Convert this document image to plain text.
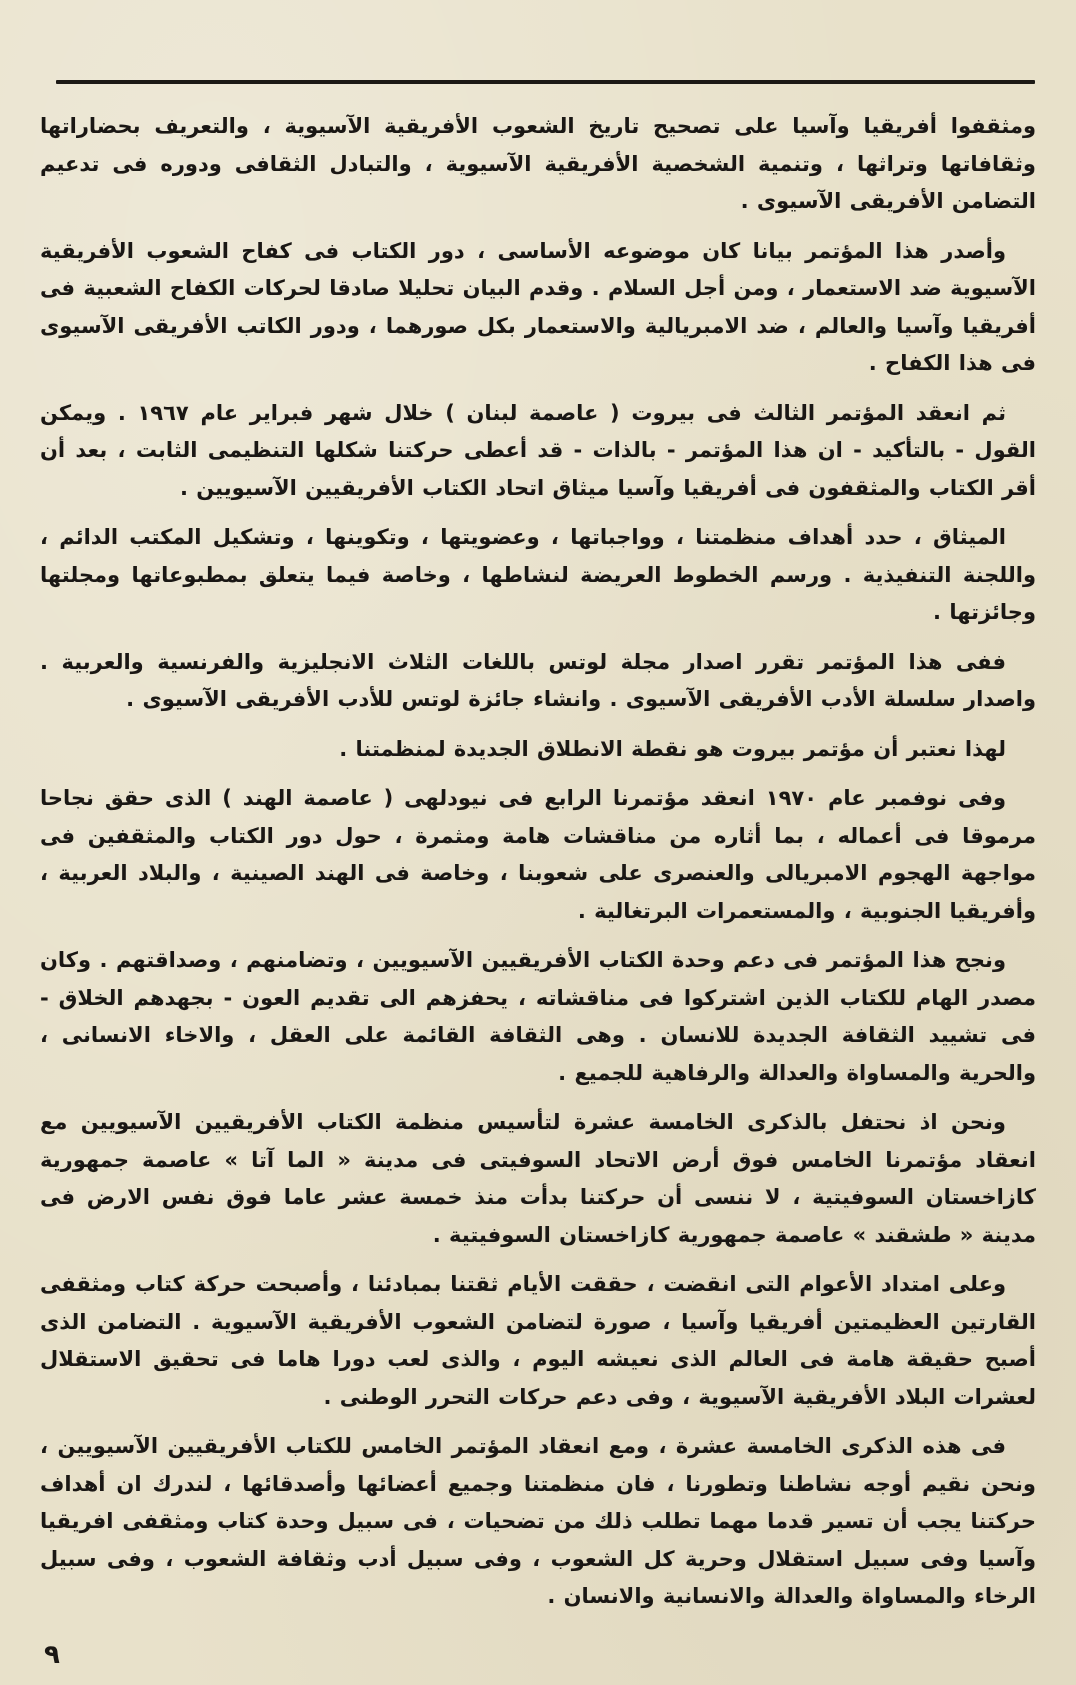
ومثقفوا أفريقيا وآسيا على تصحيح تاريخ الشعوب الأفريقية الآسيوية ، والتعريف بحضاراتها وثقافاتها وتراثها ، وتنمية الشخصية الأفريقية الآسيوية ، والتبادل الثقافى ودوره فى تدعيم التضامن الأفريقى الآسيوى .

وأصدر هذا المؤتمر بيانا كان موضوعه الأساسى ، دور الكتاب فى كفاح الشعوب الأفريقية الآسيوية ضد الاستعمار ، ومن أجل السلام . وقدم البيان تحليلا صادقا لحركات الكفاح الشعبية فى أفريقيا وآسيا والعالم ، ضد الامبريالية والاستعمار بكل صورهما ، ودور الكاتب الأفريقى الآسيوى فى هذا الكفاح .

ثم انعقد المؤتمر الثالث فى بيروت ( عاصمة لبنان ) خلال شهر فبراير عام ١٩٦٧ . ويمكن القول - بالتأكيد - ان هذا المؤتمر - بالذات - قد أعطى حركتنا شكلها التنظيمى الثابت ، بعد أن أقر الكتاب والمثقفون فى أفريقيا وآسيا ميثاق اتحاد الكتاب الأفريقيين الآسيويين .

الميثاق ، حدد أهداف منظمتنا ، وواجباتها ، وعضويتها ، وتكوينها ، وتشكيل المكتب الدائم ، واللجنة التنفيذية . ورسم الخطوط العريضة لنشاطها ، وخاصة فيما يتعلق بمطبوعاتها ومجلتها وجائزتها .

ففى هذا المؤتمر تقرر اصدار مجلة لوتس باللغات الثلاث الانجليزية والفرنسية والعربية . واصدار سلسلة الأدب الأفريقى الآسيوى . وانشاء جائزة لوتس للأدب الأفريقى الآسيوى .

لهذا نعتبر أن مؤتمر بيروت هو نقطة الانطلاق الجديدة لمنظمتنا .

وفى نوفمبر عام ١٩٧٠ انعقد مؤتمرنا الرابع فى نيودلهى ( عاصمة الهند ) الذى حقق نجاحا مرموقا فى أعماله ، بما أثاره من مناقشات هامة ومثمرة ، حول دور الكتاب والمثقفين فى مواجهة الهجوم الامبريالى والعنصرى على شعوبنا ، وخاصة فى الهند الصينية ، والبلاد العربية ، وأفريقيا الجنوبية ، والمستعمرات البرتغالية .

ونجح هذا المؤتمر فى دعم وحدة الكتاب الأفريقيين الآسيويين ، وتضامنهم ، وصداقتهم . وكان مصدر الهام للكتاب الذين اشتركوا فى مناقشاته ، يحفزهم الى تقديم العون - بجهدهم الخلاق - فى تشييد الثقافة الجديدة للانسان . وهى الثقافة القائمة على العقل ، والاخاء الانسانى ، والحرية والمساواة والعدالة والرفاهية للجميع .

ونحن اذ نحتفل بالذكرى الخامسة عشرة لتأسيس منظمة الكتاب الأفريقيين الآسيويين مع انعقاد مؤتمرنا الخامس فوق أرض الاتحاد السوفيتى فى مدينة « الما آتا » عاصمة جمهورية كازاخستان السوفيتية ، لا ننسى أن حركتنا بدأت منذ خمسة عشر عاما فوق نفس الارض فى مدينة « طشقند » عاصمة جمهورية كازاخستان السوفيتية .

وعلى امتداد الأعوام التى انقضت ، حققت الأيام ثقتنا بمبادئنا ، وأصبحت حركة كتاب ومثقفى القارتين العظيمتين أفريقيا وآسيا ، صورة لتضامن الشعوب الأفريقية الآسيوية . التضامن الذى أصبح حقيقة هامة فى العالم الذى نعيشه اليوم ، والذى لعب دورا هاما فى تحقيق الاستقلال لعشرات البلاد الأفريقية الآسيوية ، وفى دعم حركات التحرر الوطنى .

فى هذه الذكرى الخامسة عشرة ، ومع انعقاد المؤتمر الخامس للكتاب الأفريقيين الآسيويين ، ونحن نقيم أوجه نشاطنا وتطورنا ، فان منظمتنا وجميع أعضائها وأصدقائها ، لندرك ان أهداف حركتنا يجب أن تسير قدما مهما تطلب ذلك من تضحيات ، فى سبيل وحدة كتاب ومثقفى افريقيا وآسيا وفى سبيل استقلال وحرية كل الشعوب ، وفى سبيل أدب وثقافة الشعوب ، وفى سبيل الرخاء والمساواة والعدالة والانسانية والانسان .

٩
